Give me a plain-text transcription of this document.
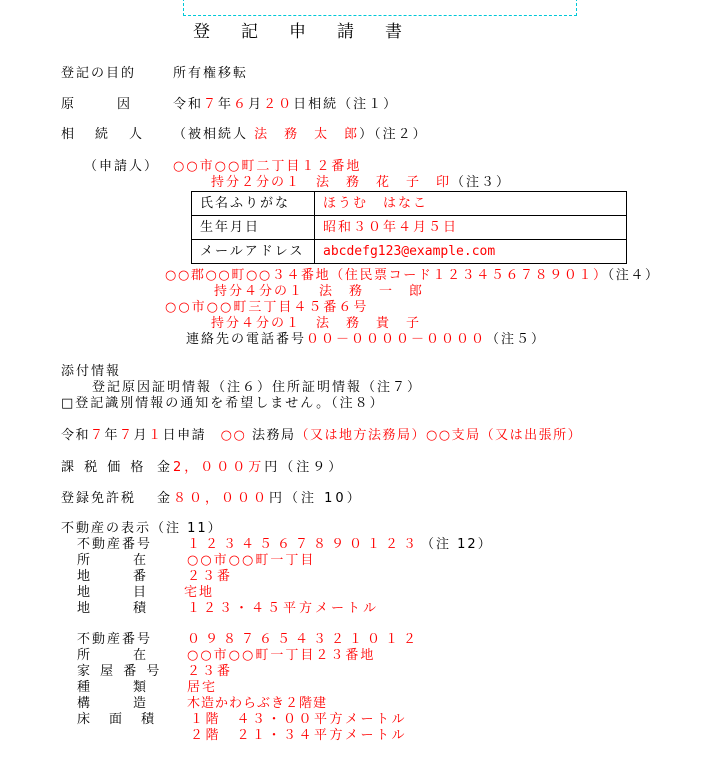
登 記 申 請 書
登記の目的	所有権移転
原　　　因	令和７年６月２０日相続（注１）
相　続　人 （被相続人 法　務　太　郎）（注２）
（申請人） ○○市○○町二丁目１２番地
持分２分の１　法　務　花　子　印（注３）
氏名ふりがな	ほうむ　はなこ
生年月日	昭和３０年４月５日
メールアドレス	abcdefg123@example.com
○○郡○○町○○３４番地（住民票コード１２３４５６７８９０１）（注４）
持分４分の１　法　務　一　郎
○○市○○町三丁目４５番６号
持分４分の１　法　務　貴　子
連絡先の電話番号００－００００－００００（注５）
添付情報
登記原因証明情報（注６）住所証明情報（注７）
□登記識別情報の通知を希望しません。（注８）
令和７年７月１日申請　 ○○ 法務局（又は地方法務局）○○支局（又は出張所）
課 税 価 格 金2，０００万円（注９）
登録免許税 金８０，０００円（注 10）
不動産の表示（注 11）
不動産番号	１２３４５６７８９０１２３（注 12）
所　　　在	○○市○○町一丁目
地　　　番	２３番
地　　　目	宅地
地　　　積	１２３・４５平方メートル
不動産番号	０９８７６５４３２１０１２
所　　　在	○○市○○町一丁目２３番地
家 屋 番 号 ２３番
種　　　類	居宅
構　　　造	木造かわらぶき２階建
床　面　積	１階　４３・００平方メートル
２階　２１・３４平方メートル
